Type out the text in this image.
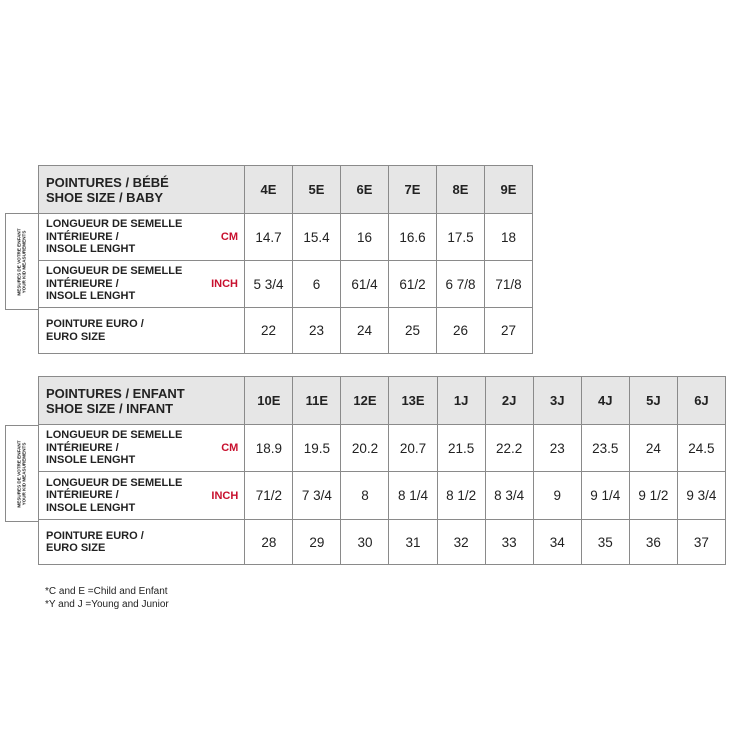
MESURES DE VOTRE ENFANT
YOUR KID MEASUREMENTS
MESURES DE VOTRE ENFANT
YOUR KID MEASUREMENTS
POINTURES / BÉBÉ
SHOE SIZE / BABY	4E	5E	6E	7E	8E	9E

LONGUEUR DE SEMELLE
INTÉRIEURE /
INSOLE LENGHT
CM	14.7	15.4	16	16.6	17.5	18

LONGUEUR DE SEMELLE
INTÉRIEURE /
INSOLE LENGHT
INCH	5 3/4	6	61/4	61/2	6 7/8	71/8

POINTURE EURO /
EURO SIZE	22	23	24	25	26	27
POINTURES / ENFANT
SHOE SIZE / INFANT	10E	11E	12E	13E	1J	2J	3J	4J	5J	6J

LONGUEUR DE SEMELLE
INTÉRIEURE /
INSOLE LENGHT
CM	18.9	19.5	20.2	20.7	21.5	22.2	23	23.5	24	24.5

LONGUEUR DE SEMELLE
INTÉRIEURE /
INSOLE LENGHT
INCH	71/2	7 3/4	8	8 1/4	8 1/2	8 3/4	9	9 1/4	9 1/2	9 3/4

POINTURE EURO /
EURO SIZE	28	29	30	31	32	33	34	35	36	37
*C and E =Child and Enfant
*Y and J =Young and Junior
